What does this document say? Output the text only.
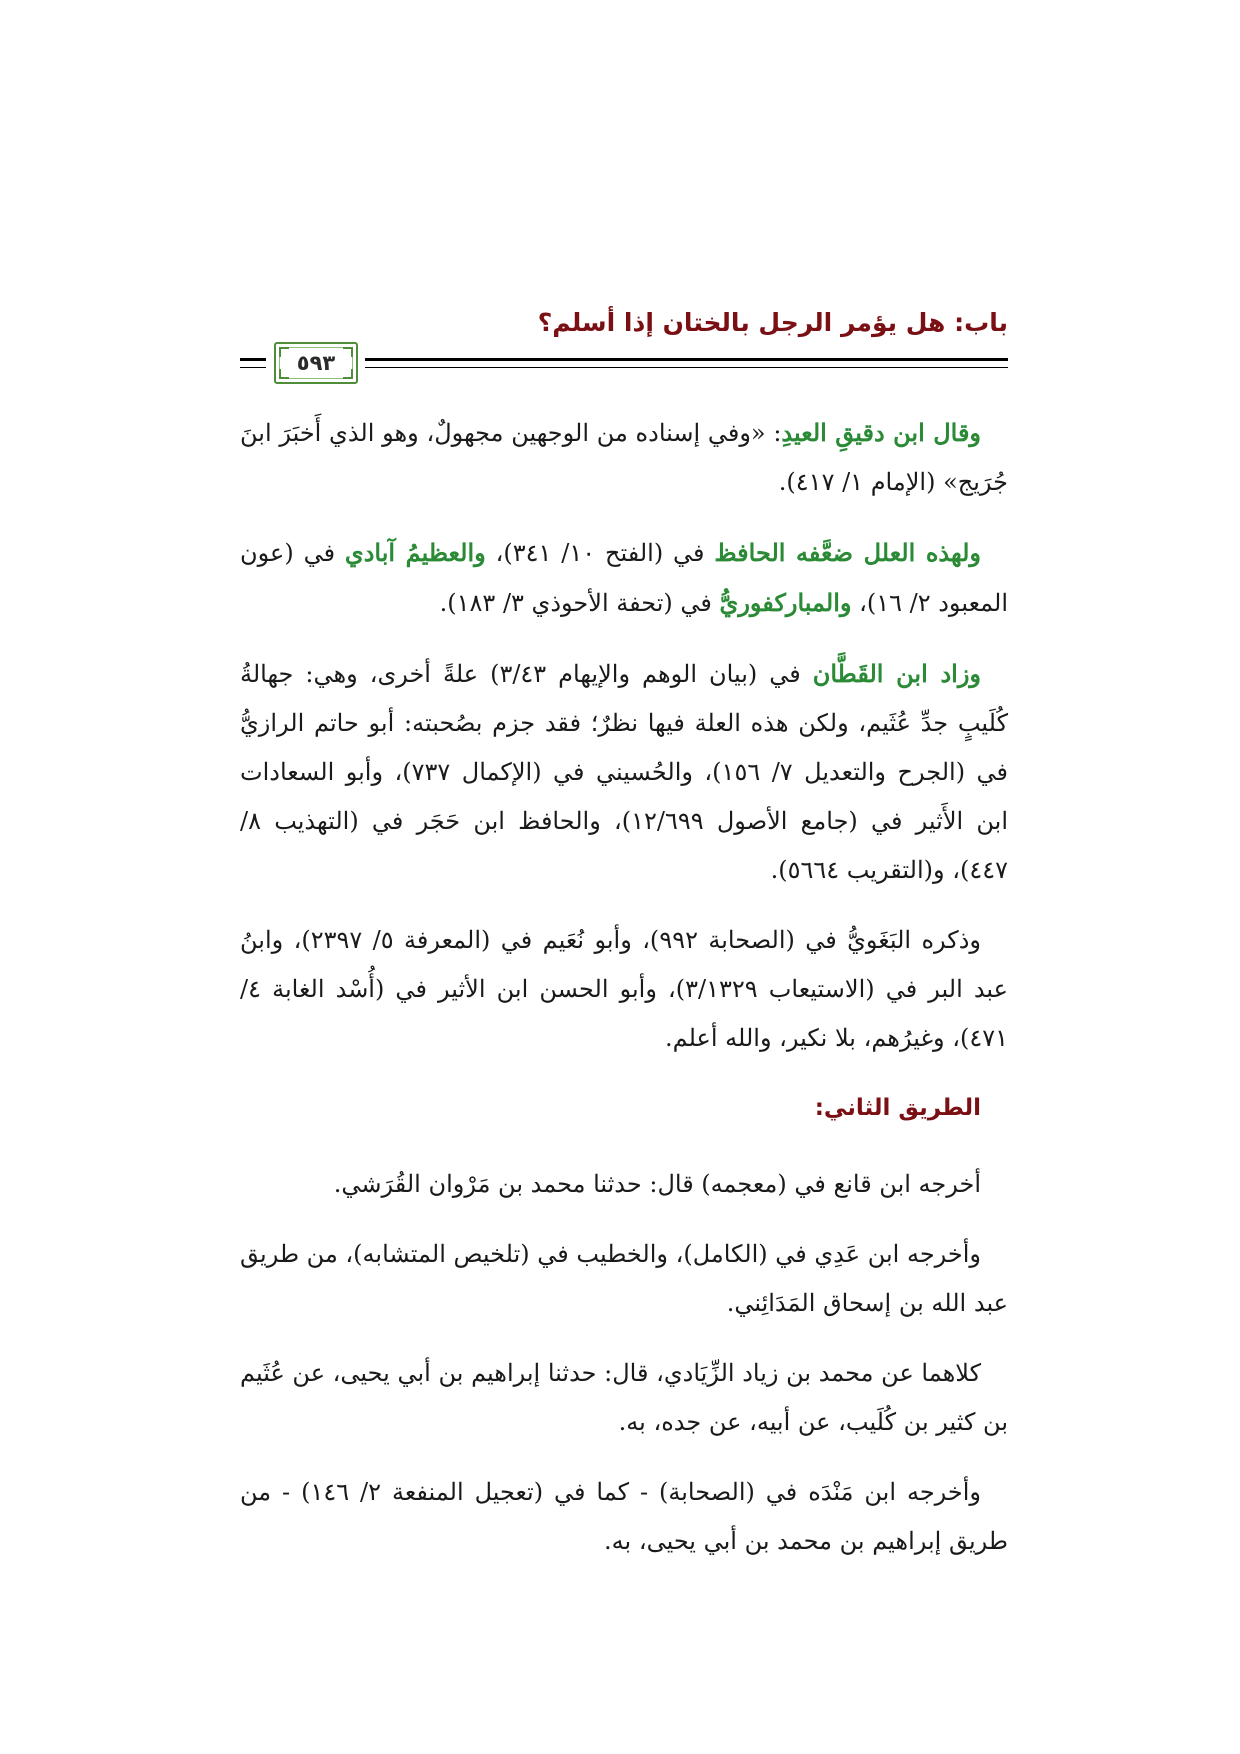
باب: هل يؤمر الرجل بالختان إذا أسلم؟
٥٩٣

وقال ابن دقيقِ العيدِ: «وفي إسناده من الوجهين مجهولٌ، وهو الذي أَخبَرَ ابنَ جُرَيج» (الإمام ١/ ٤١٧).

ولهذه العلل ضعَّفه الحافظ في (الفتح ١٠/ ٣٤١)، والعظيمُ آبادي في (عون المعبود ٢/ ١٦)، والمباركفوريُّ في (تحفة الأحوذي ٣/ ١٨٣).

وزاد ابن القَطَّان في (بيان الوهم والإيهام ٣/٤٣) علةً أخرى، وهي: جهالةُ كُلَيبٍ جدِّ عُثَيم، ولكن هذه العلة فيها نظرٌ؛ فقد جزم بصُحبته: أبو حاتم الرازيُّ في (الجرح والتعديل ٧/ ١٥٦)، والحُسيني في (الإكمال ٧٣٧)، وأبو السعادات ابن الأَثير في (جامع الأصول ١٢/٦٩٩)، والحافظ ابن حَجَر في (التهذيب ٨/ ٤٤٧)، و(التقريب ٥٦٦٤).

وذكره البَغَويُّ في (الصحابة ٩٩٢)، وأبو نُعَيم في (المعرفة ٥/ ٢٣٩٧)، وابنُ عبد البر في (الاستيعاب ٣/١٣٢٩)، وأبو الحسن ابن الأثير في (أُسْد الغابة ٤/ ٤٧١)، وغيرُهم، بلا نكير، والله أعلم.

الطريق الثاني:

أخرجه ابن قانع في (معجمه) قال: حدثنا محمد بن مَرْوان القُرَشي.

وأخرجه ابن عَدِي في (الكامل)، والخطيب في (تلخيص المتشابه)، من طريق عبد الله بن إسحاق المَدَائِني.

كلاهما عن محمد بن زياد الزِّيَادي، قال: حدثنا إبراهيم بن أبي يحيى، عن عُثَيم بن كثير بن كُلَيب، عن أبيه، عن جده، به.

وأخرجه ابن مَنْدَه في (الصحابة) - كما في (تعجيل المنفعة ٢/ ١٤٦) - من طريق إبراهيم بن محمد بن أبي يحيى، به.
